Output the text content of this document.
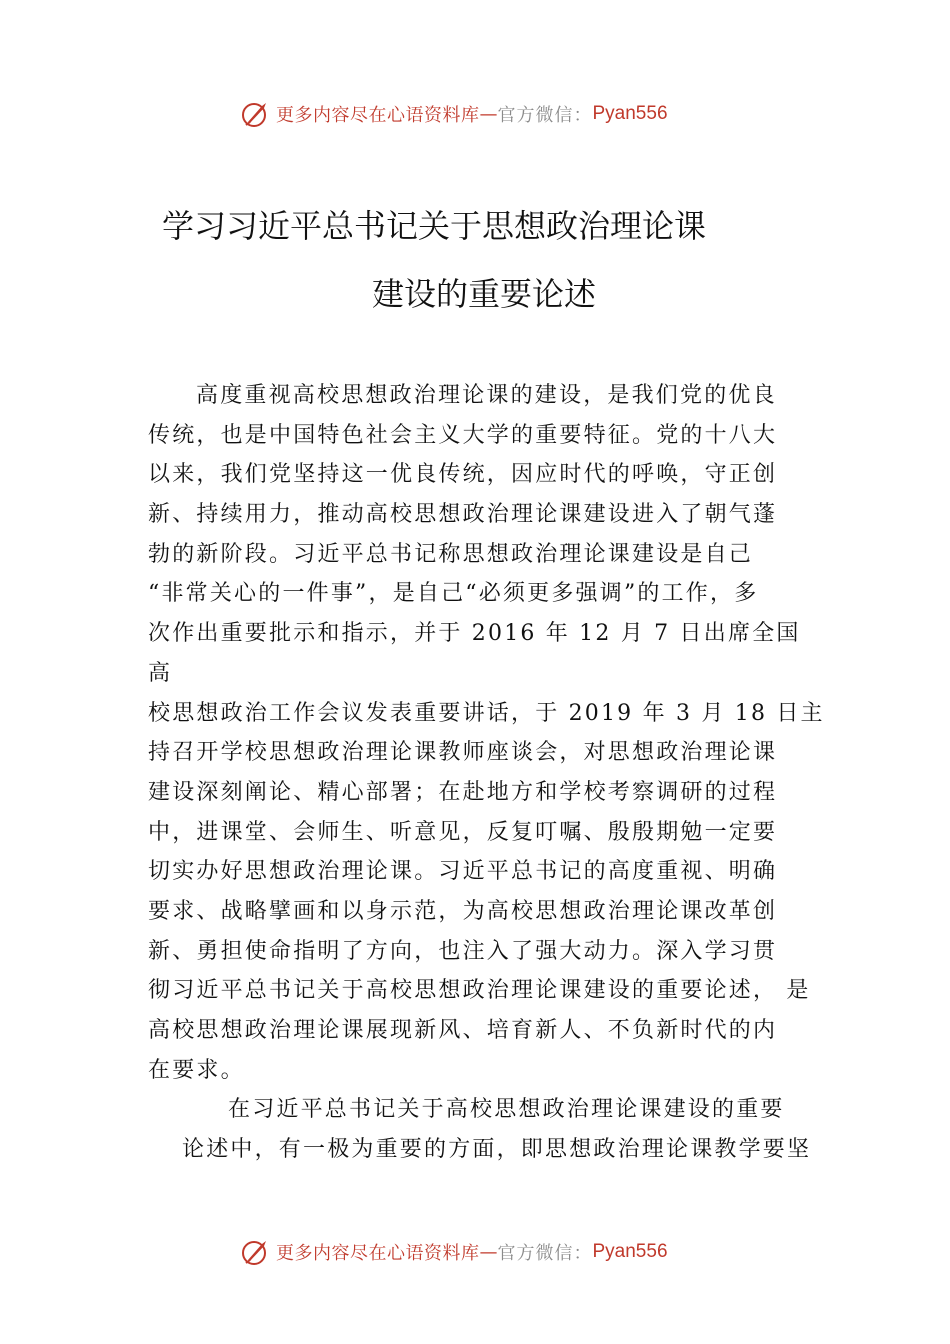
更多内容尽在心语资料库 — 官方微信： Pyan556
学习习近平总书记关于思想政治理论课
建设的重要论述
高度重视高校思想政治理论课的建设，是我们党的优良
传统，也是中国特色社会主义大学的重要特征。党的十八大
以来，我们党坚持这一优良传统，因应时代的呼唤，守正创
新、持续用力，推动高校思想政治理论课建设进入了朝气蓬
勃的新阶段。习近平总书记称思想政治理论课建设是自己
“非常关心的一件事”，是自己“必须更多强调”的工作，多
次作出重要批示和指示，并于 2016 年 12 月 7 日出席全国
高
校思想政治工作会议发表重要讲话，于 2019 年 3 月 18 日主
持召开学校思想政治理论课教师座谈会，对思想政治理论课
建设深刻阐论、精心部署；在赴地方和学校考察调研的过程
中，进课堂、会师生、听意见，反复叮嘱、殷殷期勉一定要
切实办好思想政治理论课。习近平总书记的高度重视、明确
要求、战略擘画和以身示范，为高校思想政治理论课改革创
新、勇担使命指明了方向，也注入了强大动力。深入学习贯
彻习近平总书记关于高校思想政治理论课建设的重要论述， 是
高校思想政治理论课展现新风、培育新人、不负新时代的内
在要求。
在习近平总书记关于高校思想政治理论课建设的重要
论述中，有一极为重要的方面，即思想政治理论课教学要坚
更多内容尽在心语资料库 — 官方微信： Pyan556
